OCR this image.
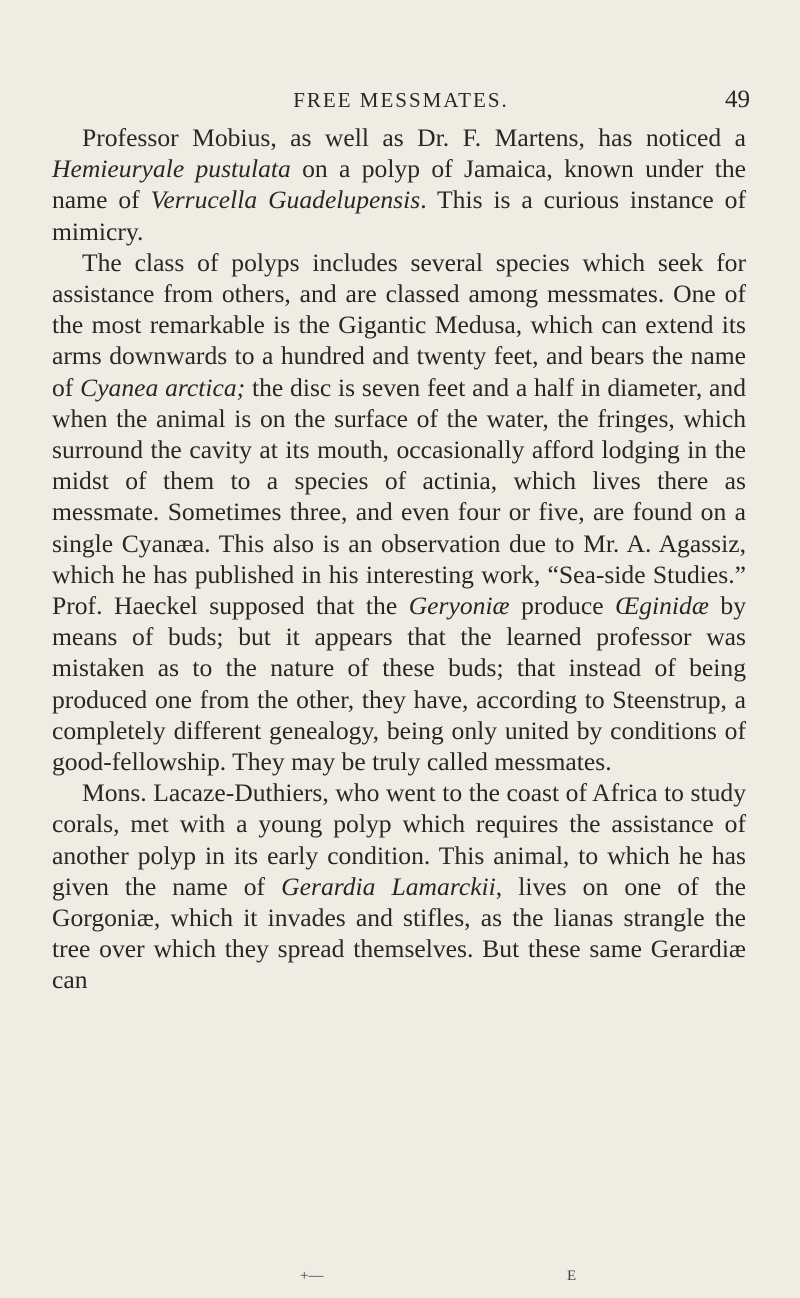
FREE MESSMATES.	49

Professor Mobius, as well as Dr. F. Martens, has noticed a Hemieuryale pustulata on a polyp of Jamaica, known under the name of Verrucella Guadelupensis. This is a curious instance of mimicry.

The class of polyps includes several species which seek for assistance from others, and are classed among messmates. One of the most remarkable is the Gigantic Medusa, which can extend its arms downwards to a hundred and twenty feet, and bears the name of Cyanea arctica; the disc is seven feet and a half in diameter, and when the animal is on the surface of the water, the fringes, which surround the cavity at its mouth, occasionally afford lodging in the midst of them to a species of actinia, which lives there as messmate. Sometimes three, and even four or five, are found on a single Cyanæa. This also is an observation due to Mr. A. Agassiz, which he has published in his interesting work, “Sea-side Studies.” Prof. Haeckel supposed that the Geryoniæ produce Œginidæ by means of buds; but it appears that the learned professor was mistaken as to the nature of these buds; that instead of being produced one from the other, they have, according to Steenstrup, a completely different genealogy, being only united by conditions of good-fellowship. They may be truly called messmates.

Mons. Lacaze-Duthiers, who went to the coast of Africa to study corals, met with a young polyp which requires the assistance of another polyp in its early condition. This animal, to which he has given the name of Gerardia Lamarckii, lives on one of the Gorgoniæ, which it invades and stifles, as the lianas strangle the tree over which they spread themselves. But these same Gerardiæ can

+—	E
